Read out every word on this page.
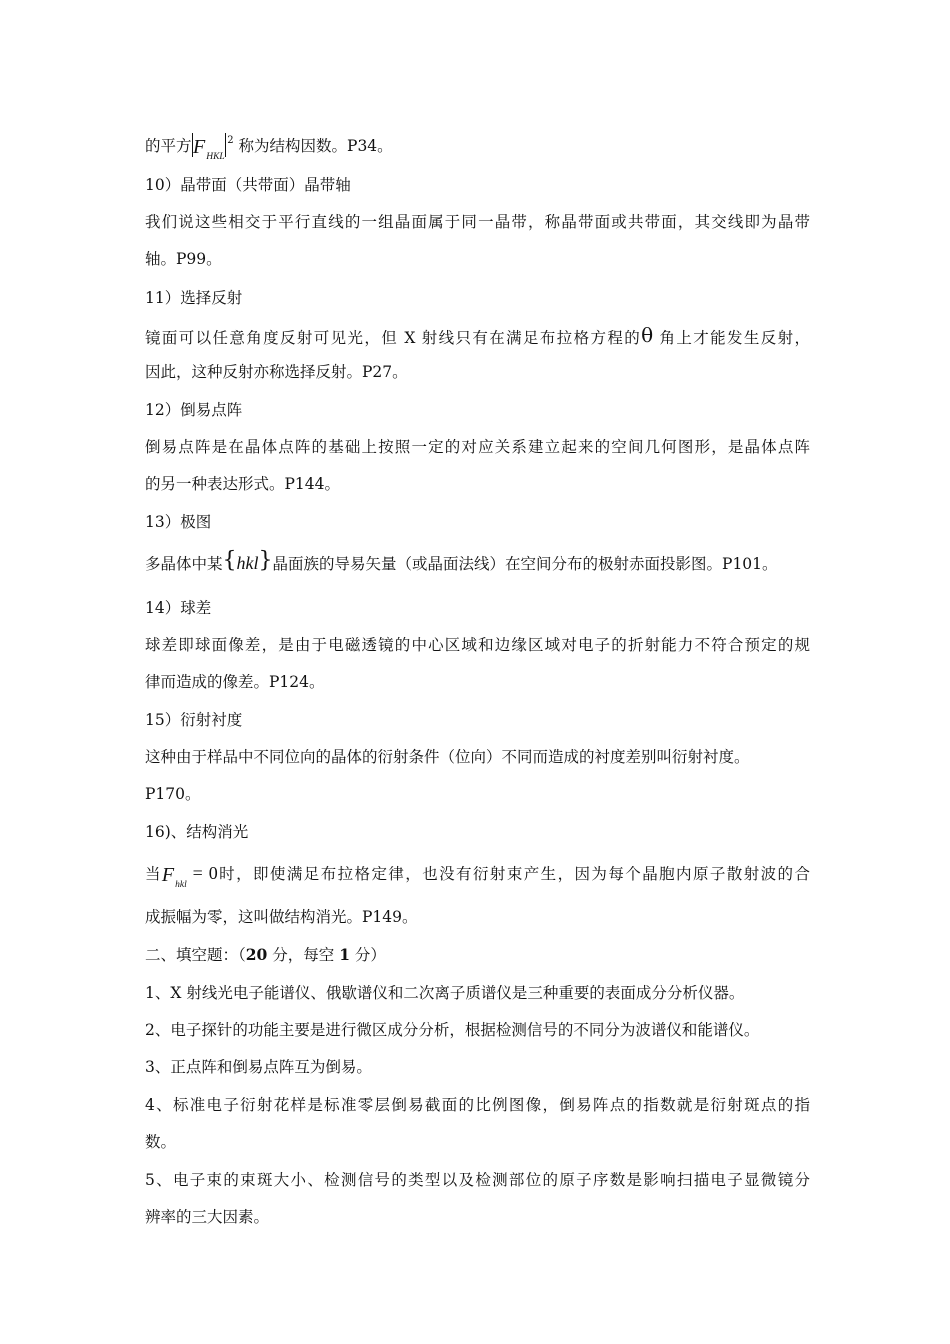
的平方$F_{HKL}^2$ 称为结构因数。P34。
10）晶带面（共带面）晶带轴
我们说这些相交于平行直线的一组晶面属于同一晶带，称晶带面或共带面，其交线即为晶带
轴。P99。
11）选择反射
镜面可以任意角度反射可见光，但 X 射线只有在满足布拉格方程的θ 角上才能发生反射，
因此，这种反射亦称选择反射。P27。
12）倒易点阵
倒易点阵是在晶体点阵的基础上按照一定的对应关系建立起来的空间几何图形，是晶体点阵
的另一种表达形式。P144。
13）极图
多晶体中某{hkl}晶面族的导易矢量（或晶面法线）在空间分布的极射赤面投影图。P101。
14）球差
球差即球面像差，是由于电磁透镜的中心区域和边缘区域对电子的折射能力不符合预定的规
律而造成的像差。P124。
15）衍射衬度
这种由于样品中不同位向的晶体的衍射条件（位向）不同而造成的衬度差别叫衍射衬度。
P170。
16)、结构消光
当$F_{hkl} = 0$时，即使满足布拉格定律，也没有衍射束产生，因为每个晶胞内原子散射波的合
成振幅为零，这叫做结构消光。P149。
二、填空题：（20 分，每空 1 分）
1、X 射线光电子能谱仪、俄歇谱仪和二次离子质谱仪是三种重要的表面成分分析仪器。
2、电子探针的功能主要是进行微区成分分析，根据检测信号的不同分为波谱仪和能谱仪。
3、正点阵和倒易点阵互为倒易。
4、标准电子衍射花样是标准零层倒易截面的比例图像，倒易阵点的指数就是衍射斑点的指
数。
5、电子束的束斑大小、检测信号的类型以及检测部位的原子序数是影响扫描电子显微镜分
辨率的三大因素。
